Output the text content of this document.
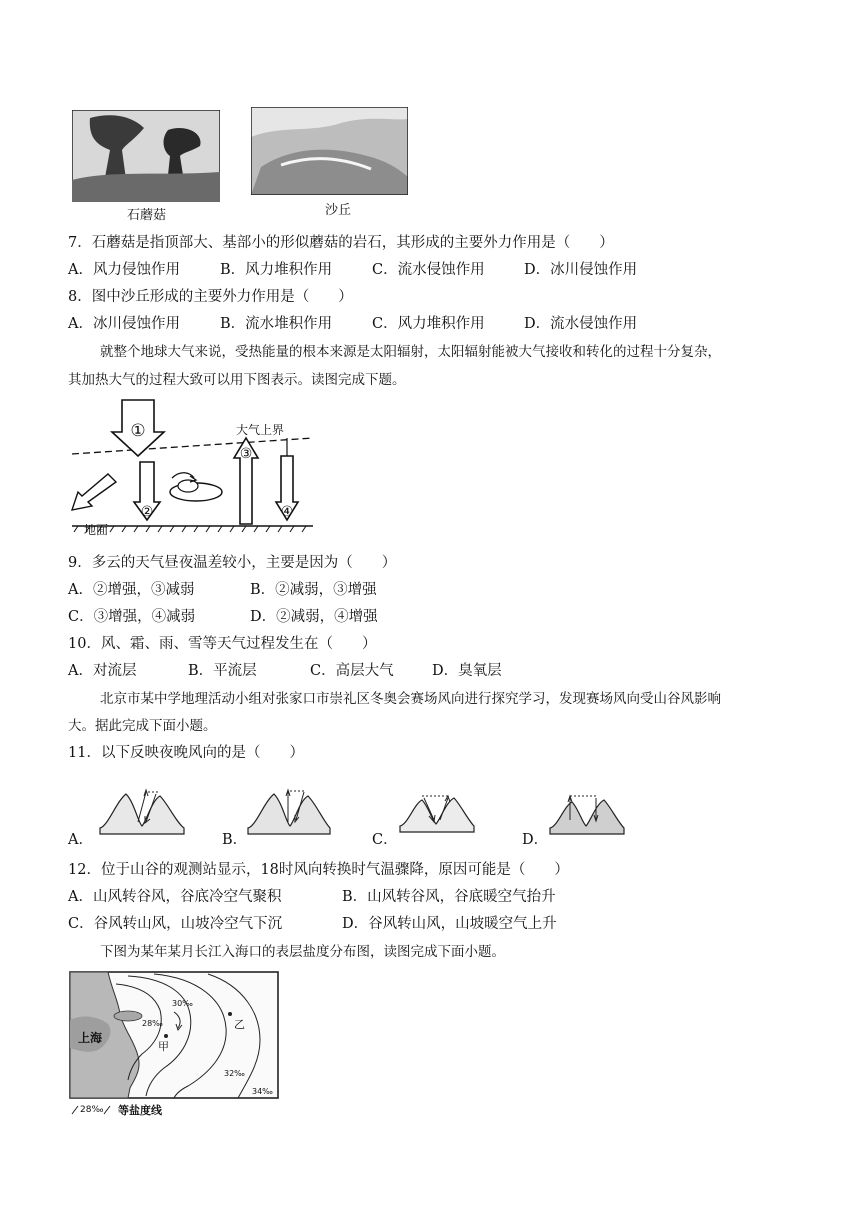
石蘑菇	沙丘
7．石蘑菇是指顶部大、基部小的形似蘑菇的岩石，其形成的主要外力作用是（　　）
A．风力侵蚀作用	B．风力堆积作用	C．流水侵蚀作用	D．冰川侵蚀作用
8．图中沙丘形成的主要外力作用是（　　）
A．冰川侵蚀作用	B．流水堆积作用	C．风力堆积作用	D．流水侵蚀作用
就整个地球大气来说，受热能量的根本来源是太阳辐射，太阳辐射能被大气接收和转化的过程十分复杂，
其加热大气的过程大致可以用下图表示。读图完成下题。
①
②
③
④
大气上界
地面
9．多云的天气昼夜温差较小，主要是因为（　　）
A．②增强，③减弱	B．②减弱，③增强
C．③增强，④减弱	D．②减弱，④增强
10．风、霜、雨、雪等天气过程发生在（　　）
A．对流层	B．平流层	C．高层大气	D．臭氧层
北京市某中学地理活动小组对张家口市崇礼区冬奥会赛场风向进行探究学习，发现赛场风向受山谷风影响
大。据此完成下面小题。
11．以下反映夜晚风向的是（　　）
A．	B．	C．	D．
12．位于山谷的观测站显示，18时风向转换时气温骤降，原因可能是（　　）
A．山风转谷风，谷底冷空气聚积	B．山风转谷风，谷底暖空气抬升
C．谷风转山风，山坡冷空气下沉	D．谷风转山风，山坡暖空气上升
下图为某年某月长江入海口的表层盐度分布图，读图完成下面小题。
上海
甲
乙
28‰
30‰
32‰
34‰
28‰ 等盐度线
